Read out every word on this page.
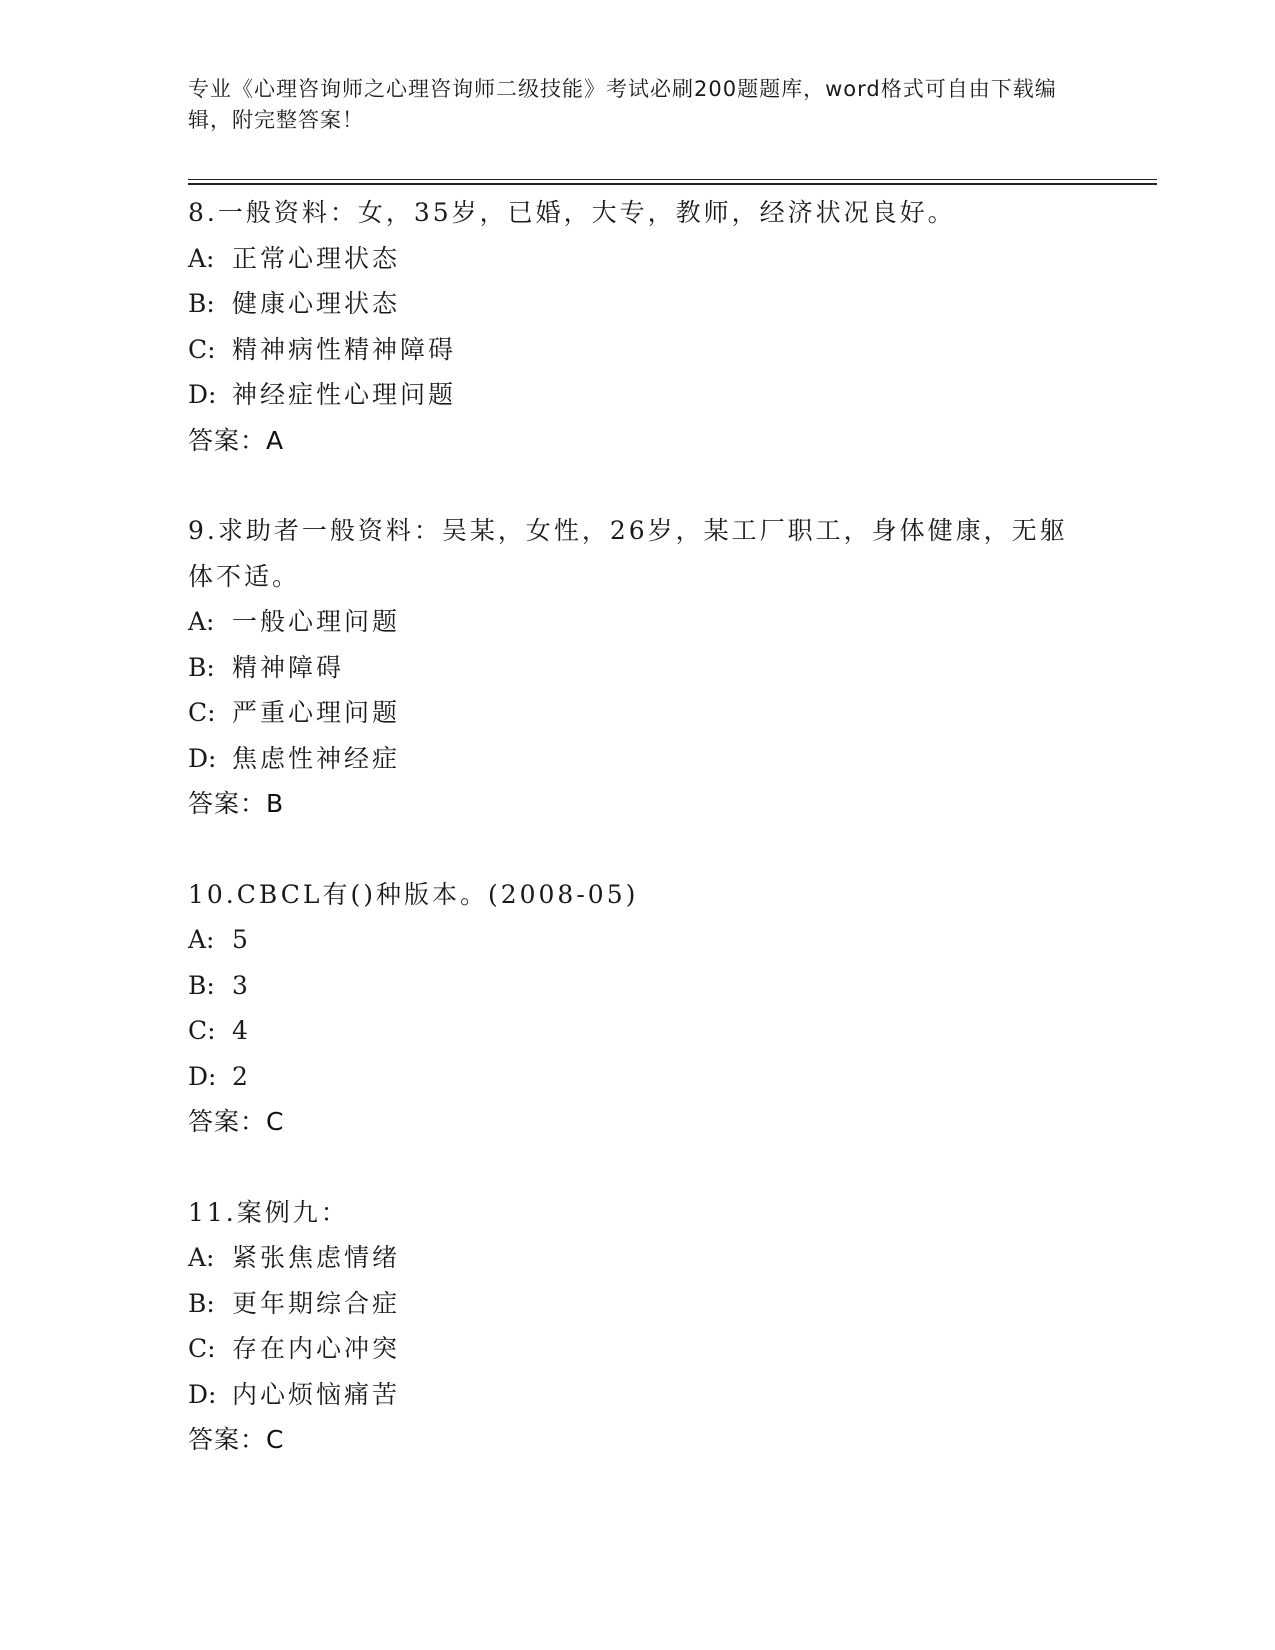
专业《心理咨询师之心理咨询师二级技能》考试必刷200题题库，word格式可自由下载编辑，附完整答案！
8.一般资料：女，35岁，已婚，大专，教师，经济状况良好。
A: 正常心理状态
B: 健康心理状态
C: 精神病性精神障碍
D: 神经症性心理问题
答案：A
9.求助者一般资料：吴某，女性，26岁，某工厂职工，身体健康，无躯体不适。
A: 一般心理问题
B: 精神障碍
C: 严重心理问题
D: 焦虑性神经症
答案：B
10.CBCL有()种版本。(2008-05)
A: 5
B: 3
C: 4
D: 2
答案：C
11.案例九：
A: 紧张焦虑情绪
B: 更年期综合症
C: 存在内心冲突
D: 内心烦恼痛苦
答案：C
